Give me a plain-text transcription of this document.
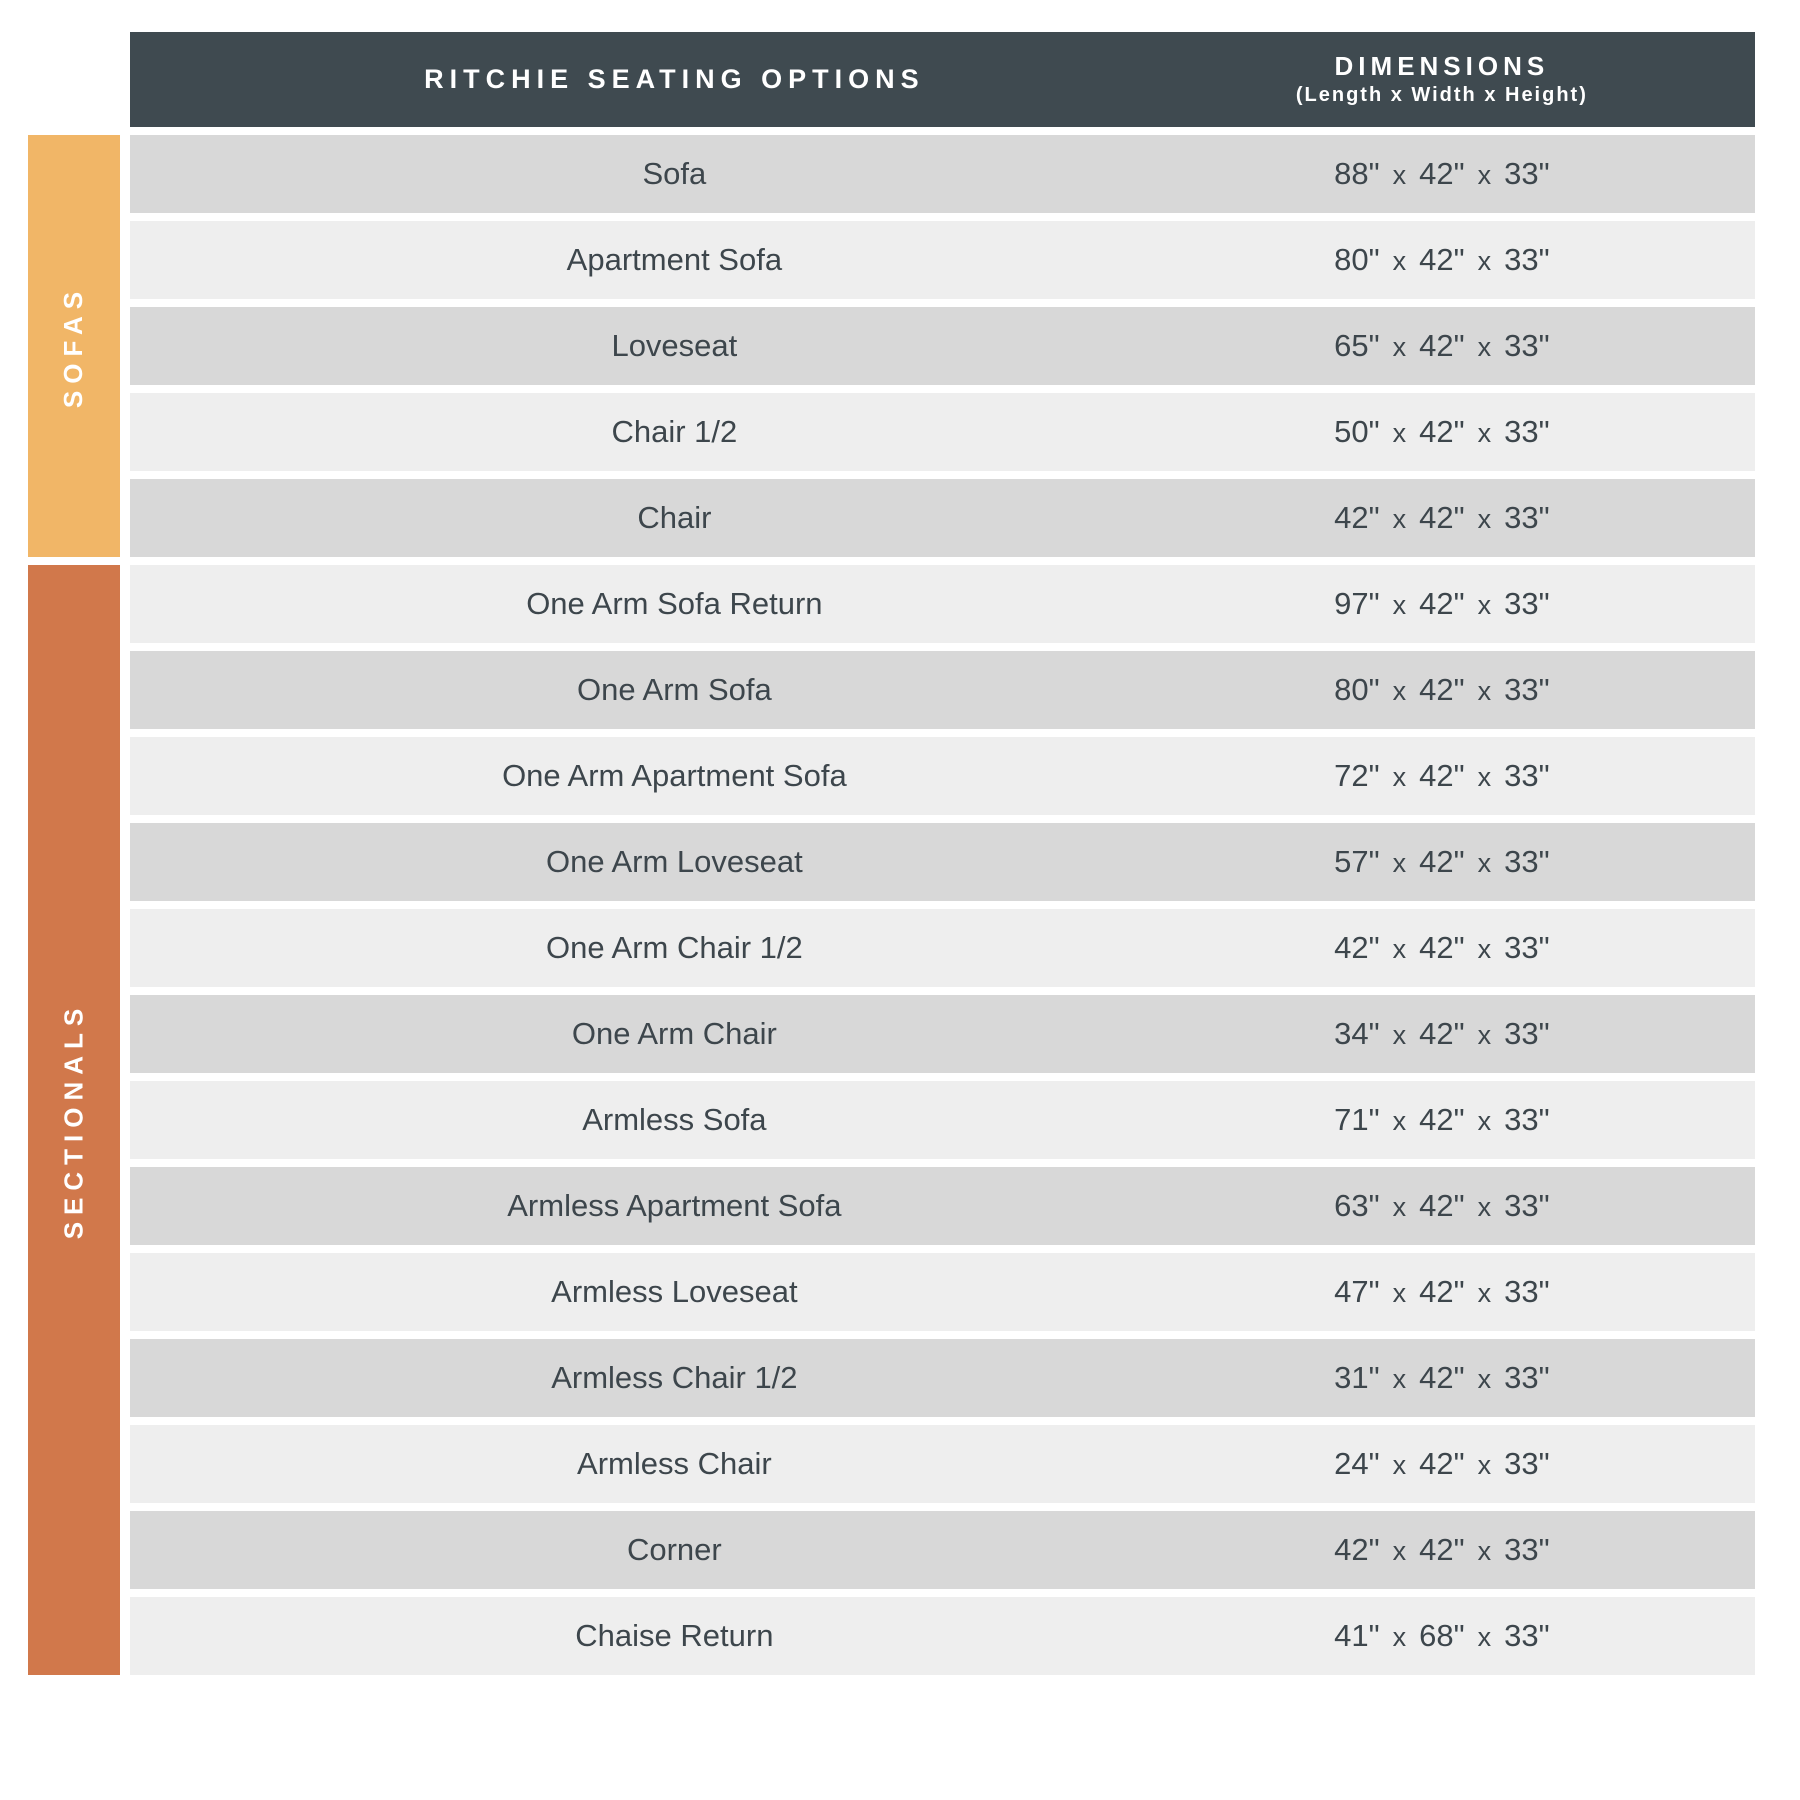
SOFAS
SECTIONALS
RITCHIE SEATING OPTIONS	DIMENSIONS
(Length x Width x Height)
Sofa	88" x 42" x 33"
Apartment Sofa	80" x 42" x 33"
Loveseat	65" x 42" x 33"
Chair 1/2	50" x 42" x 33"
Chair	42" x 42" x 33"
One Arm Sofa Return	97" x 42" x 33"
One Arm Sofa	80" x 42" x 33"
One Arm Apartment Sofa	72" x 42" x 33"
One Arm Loveseat	57" x 42" x 33"
One Arm Chair 1/2	42" x 42" x 33"
One Arm Chair	34" x 42" x 33"
Armless Sofa	71" x 42" x 33"
Armless Apartment Sofa	63" x 42" x 33"
Armless Loveseat	47" x 42" x 33"
Armless Chair 1/2	31" x 42" x 33"
Armless Chair	24" x 42" x 33"
Corner	42" x 42" x 33"
Chaise Return	41" x 68" x 33"
